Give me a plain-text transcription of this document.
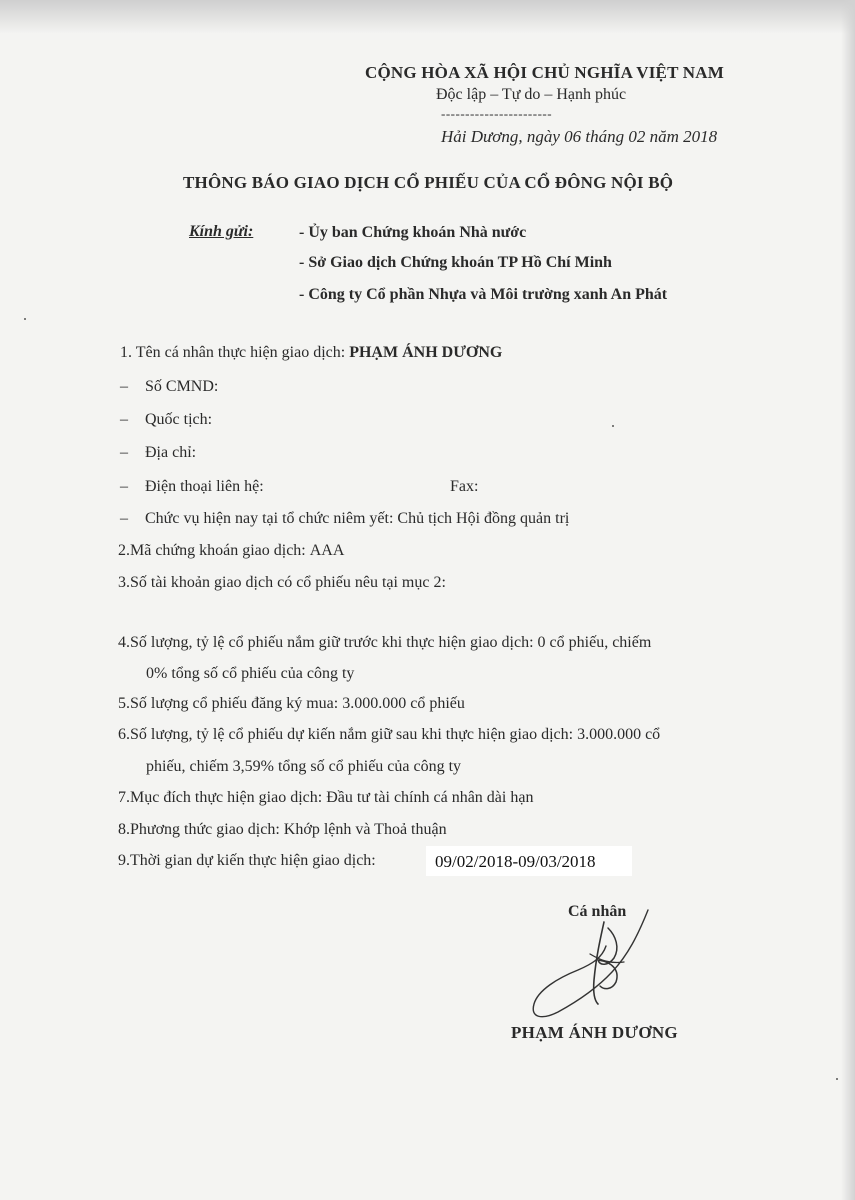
CỘNG HÒA XÃ HỘI CHỦ NGHĨA VIỆT NAM
Độc lập – Tự do – Hạnh phúc
-----------------------
Hải Dương, ngày 06 tháng 02 năm 2018
THÔNG BÁO GIAO DỊCH CỔ PHIẾU CỦA CỔ ĐÔNG NỘI BỘ
Kính gửi:	- Ủy ban Chứng khoán Nhà nước
- Sở Giao dịch Chứng khoán TP Hồ Chí Minh
- Công ty Cổ phần Nhựa và Môi trường xanh An Phát
1. Tên cá nhân thực hiện giao dịch: PHẠM ÁNH DƯƠNG
– Số CMND:
– Quốc tịch:
– Địa chỉ:
– Điện thoại liên hệ:	Fax:
– Chức vụ hiện nay tại tổ chức niêm yết: Chủ tịch Hội đồng quản trị
2.Mã chứng khoán giao dịch: AAA
3.Số tài khoản giao dịch có cổ phiếu nêu tại mục 2:
4.Số lượng, tỷ lệ cổ phiếu nắm giữ trước khi thực hiện giao dịch: 0 cổ phiếu, chiếm
0% tổng số cổ phiếu của công ty
5.Số lượng cổ phiếu đăng ký mua: 3.000.000 cổ phiếu
6.Số lượng, tỷ lệ cổ phiếu dự kiến nắm giữ sau khi thực hiện giao dịch: 3.000.000 cổ
phiếu, chiếm 3,59% tổng số cổ phiếu của công ty
7.Mục đích thực hiện giao dịch: Đầu tư tài chính cá nhân dài hạn
8.Phương thức giao dịch: Khớp lệnh và Thoả thuận
9.Thời gian dự kiến thực hiện giao dịch:	09/02/2018-09/03/2018
Cá nhân
PHẠM ÁNH DƯƠNG
